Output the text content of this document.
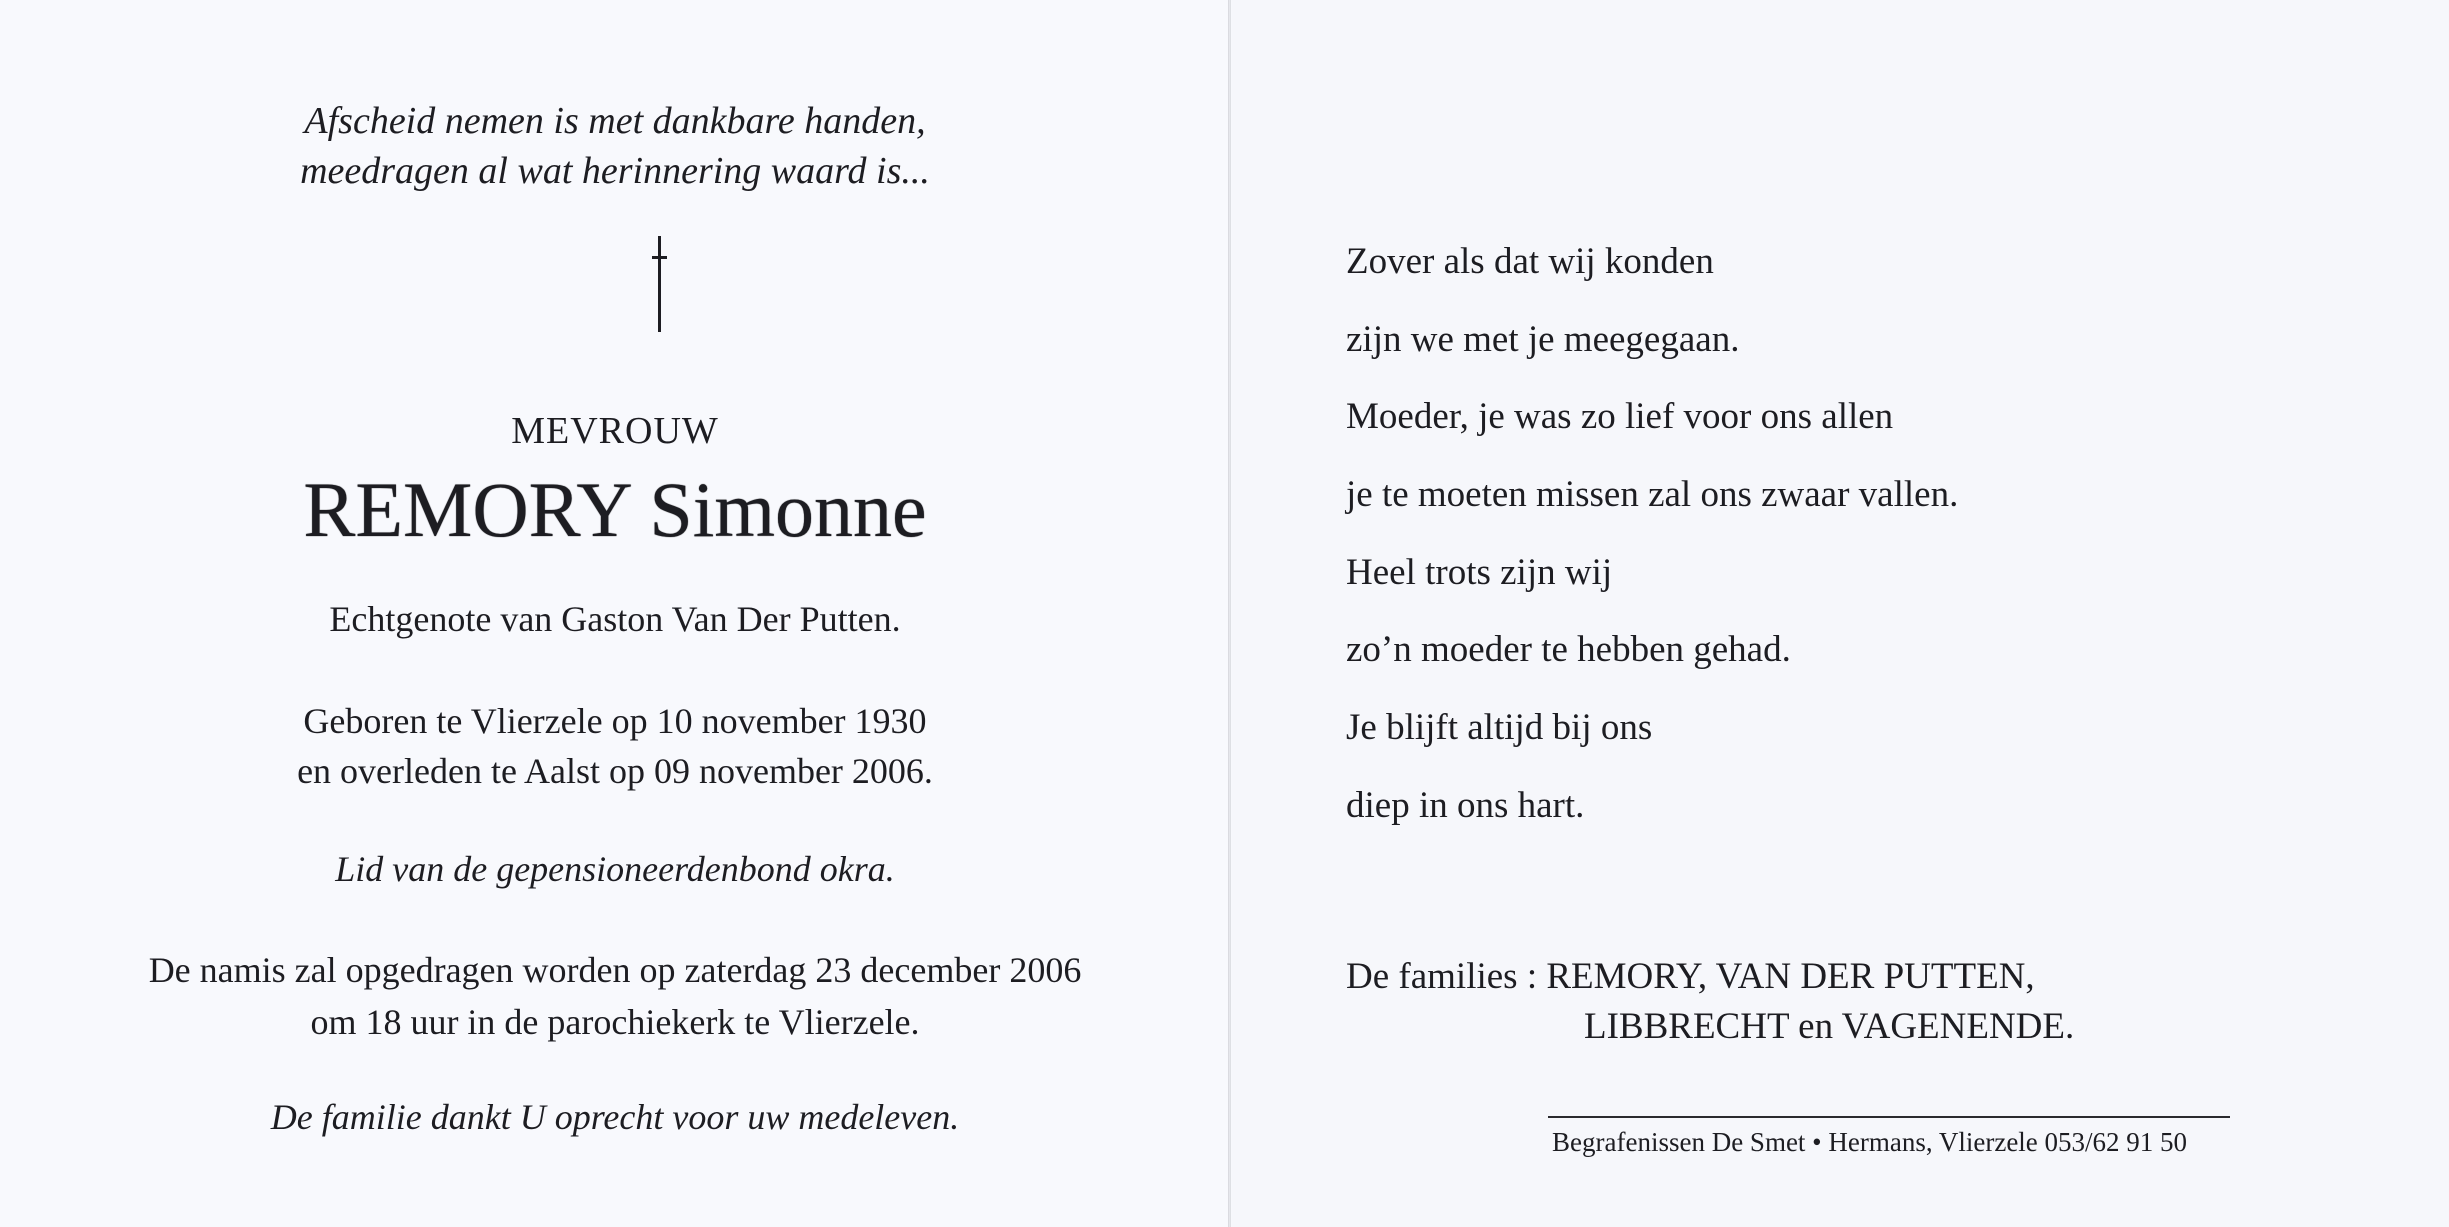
Afscheid nemen is met dankbare handen,
meedragen al wat herinnering waard is...
MEVROUW
REMORY Simonne
Echtgenote van Gaston Van Der Putten.
Geboren te Vlierzele op 10 november 1930
en overleden te Aalst op 09 november 2006.
Lid van de gepensioneerdenbond okra.
De namis zal opgedragen worden op zaterdag 23 december 2006
om 18 uur in de parochiekerk te Vlierzele.
De familie dankt U oprecht voor uw medeleven.
Zover als dat wij konden
zijn we met je meegegaan.
Moeder, je was zo lief voor ons allen
je te moeten missen zal ons zwaar vallen.
Heel trots zijn wij
zo’n moeder te hebben gehad.
Je blijft altijd bij ons
diep in ons hart.
De families : REMORY, VAN DER PUTTEN,
LIBBRECHT en VAGENENDE.
Begrafenissen De Smet • Hermans, Vlierzele 053/62 91 50
